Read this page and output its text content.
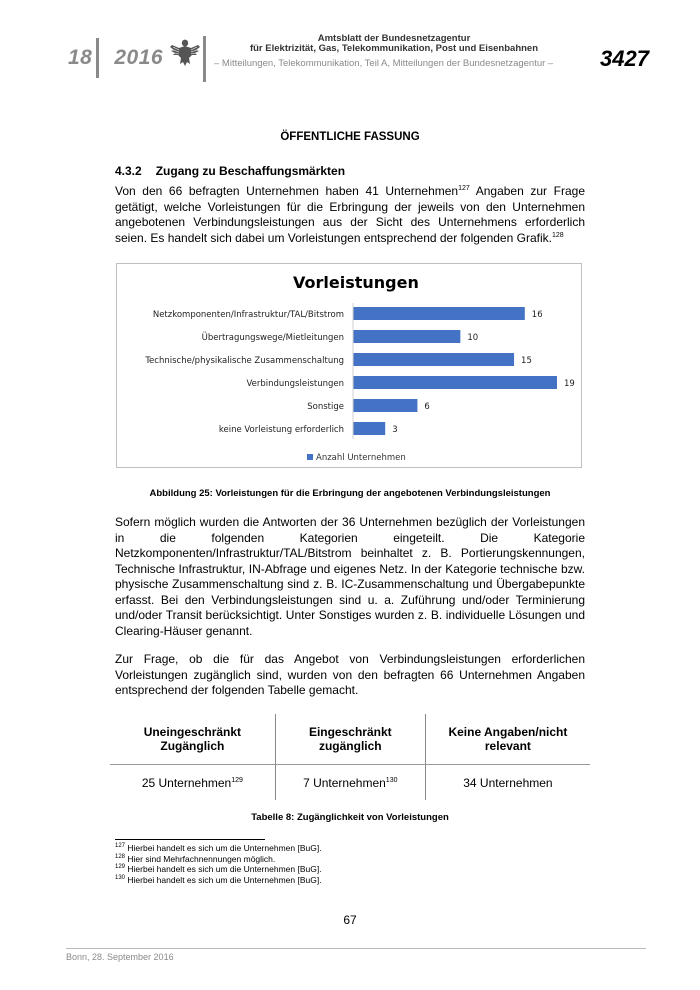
18 2016
Amtsblatt der Bundesnetzagentur
für Elektrizität, Gas, Telekommunikation, Post und Eisenbahnen
– Mitteilungen, Telekommunikation, Teil A, Mitteilungen der Bundesnetzagentur –	3427
ÖFFENTLICHE FASSUNG
4.3.2 Zugang zu Beschaffungsmärkten
Von den 66 befragten Unternehmen haben 41 Unternehmen$^{127}$ Angaben zur Frage getätigt, welche Vorleistungen für die Erbringung der jeweils von den Unternehmen angebotenen Verbindungsleistungen aus der Sicht des Unternehmens erforderlich seien. Es handelt sich dabei um Vorleistungen entsprechend der folgenden Grafik.$^{128}$
Vorleistungen
Netzkomponenten/Infrastruktur/TAL/Bitstrom	16
Übertragungswege/Mietleitungen	10
Technische/physikalische Zusammenschaltung	15
Verbindungsleistungen	19
Sonstige	6
keine Vorleistung erforderlich	3
Anzahl Unternehmen
Abbildung 25: Vorleistungen für die Erbringung der angebotenen Verbindungsleistungen
Sofern möglich wurden die Antworten der 36 Unternehmen bezüglich der Vorleistungen in die folgenden Kategorien eingeteilt. Die Kategorie Netzkomponenten/Infrastruktur/TAL/Bitstrom beinhaltet z. B. Portierungskennungen, Technische Infrastruktur, IN-Abfrage und eigenes Netz. In der Kategorie technische bzw. physische Zusammenschaltung sind z. B. IC-Zusammenschaltung und Übergabepunkte erfasst. Bei den Verbindungsleistungen sind u. a. Zuführung und/oder Terminierung und/oder Transit berücksichtigt. Unter Sonstiges wurden z. B. individuelle Lösungen und Clearing-Häuser genannt.
Zur Frage, ob die für das Angebot von Verbindungsleistungen erforderlichen Vorleistungen zugänglich sind, wurden von den befragten 66 Unternehmen Angaben entsprechend der folgenden Tabelle gemacht.
Uneingeschränkt Zugänglich	Eingeschränkt zugänglich	Keine Angaben/nicht relevant
25 Unternehmen$^{129}$	7 Unternehmen$^{130}$	34 Unternehmen
Tabelle 8: Zugänglichkeit von Vorleistungen
$^{127}$ Hierbei handelt es sich um die Unternehmen [BuG].
$^{128}$ Hier sind Mehrfachnennungen möglich.
$^{129}$ Hierbei handelt es sich um die Unternehmen [BuG].
$^{130}$ Hierbei handelt es sich um die Unternehmen [BuG].
67
Bonn, 28. September 2016
